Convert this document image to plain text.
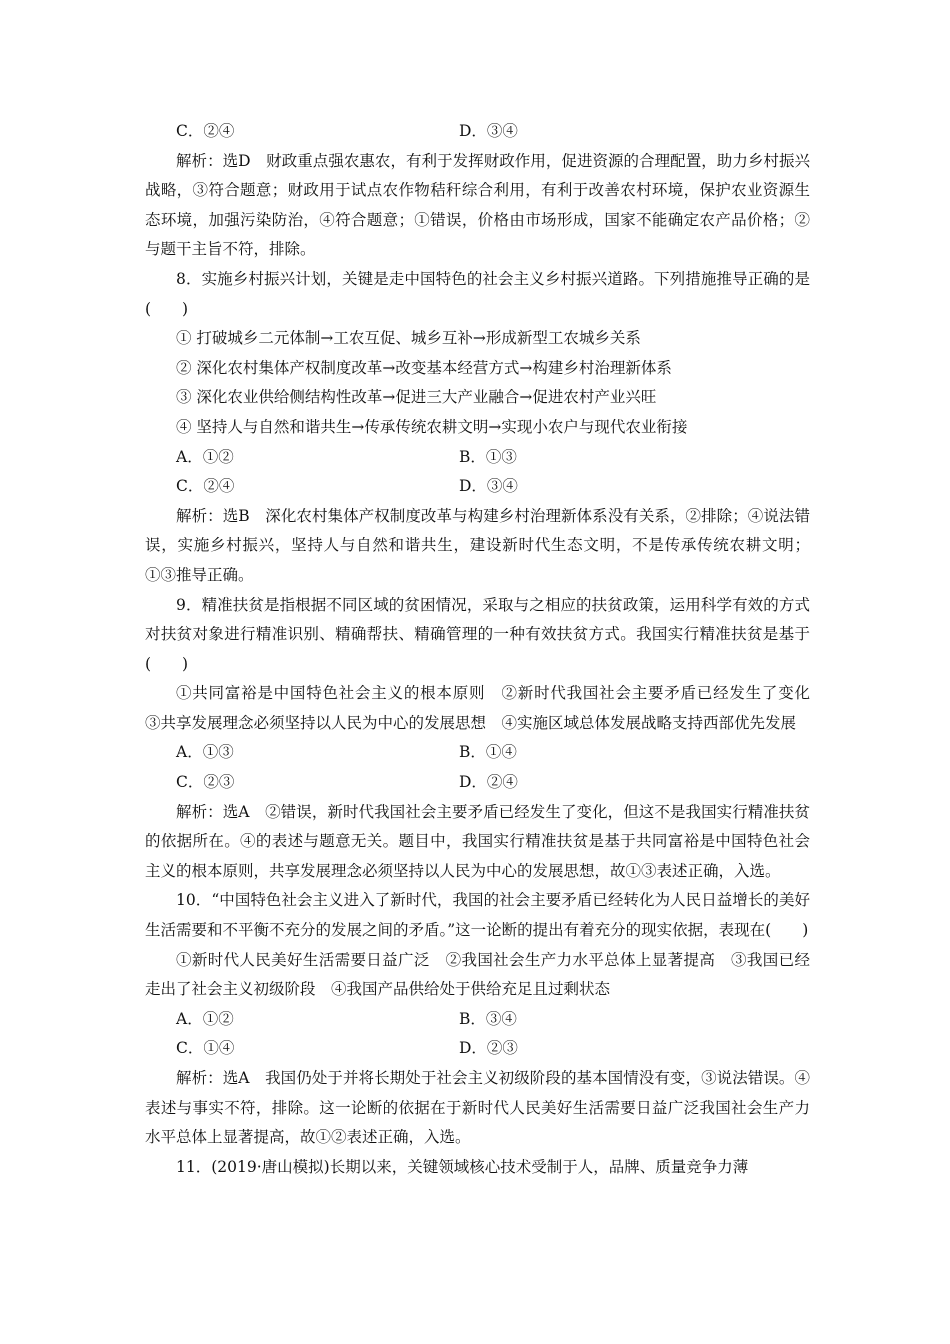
C．②④	D．③④

解析：选D　财政重点强农惠农，有利于发挥财政作用，促进资源的合理配置，助力乡村振兴战略，③符合题意；财政用于试点农作物秸秆综合利用，有利于改善农村环境，保护农业资源生态环境，加强污染防治，④符合题意；①错误，价格由市场形成，国家不能确定农产品价格；②与题干主旨不符，排除。

8．实施乡村振兴计划，关键是走中国特色的社会主义乡村振兴道路。下列措施推导正确的是(　　)

① 打破城乡二元体制→工农互促、城乡互补→形成新型工农城乡关系

② 深化农村集体产权制度改革→改变基本经营方式→构建乡村治理新体系

③ 深化农业供给侧结构性改革→促进三大产业融合→促进农村产业兴旺

④ 坚持人与自然和谐共生→传承传统农耕文明→实现小农户与现代农业衔接

A．①②	B．①③
C．②④	D．③④

解析：选B　深化农村集体产权制度改革与构建乡村治理新体系没有关系，②排除；④说法错误，实施乡村振兴，坚持人与自然和谐共生，建设新时代生态文明，不是传承传统农耕文明；①③推导正确。

9．精准扶贫是指根据不同区域的贫困情况，采取与之相应的扶贫政策，运用科学有效的方式对扶贫对象进行精准识别、精确帮扶、精确管理的一种有效扶贫方式。我国实行精准扶贫是基于(　　)

①共同富裕是中国特色社会主义的根本原则　②新时代我国社会主要矛盾已经发生了变化　③共享发展理念必须坚持以人民为中心的发展思想　④实施区域总体发展战略支持西部优先发展

A．①③	B．①④
C．②③	D．②④

解析：选A　②错误，新时代我国社会主要矛盾已经发生了变化，但这不是我国实行精准扶贫的依据所在。④的表述与题意无关。题目中，我国实行精准扶贫是基于共同富裕是中国特色社会主义的根本原则，共享发展理念必须坚持以人民为中心的发展思想，故①③表述正确，入选。

10．“中国特色社会主义进入了新时代，我国的社会主要矛盾已经转化为人民日益增长的美好生活需要和不平衡不充分的发展之间的矛盾。”这一论断的提出有着充分的现实依据，表现在(　　)

①新时代人民美好生活需要日益广泛　②我国社会生产力水平总体上显著提高　③我国已经走出了社会主义初级阶段　④我国产品供给处于供给充足且过剩状态

A．①②	B．③④
C．①④	D．②③

解析：选A　我国仍处于并将长期处于社会主义初级阶段的基本国情没有变，③说法错误。④表述与事实不符，排除。这一论断的依据在于新时代人民美好生活需要日益广泛我国社会生产力水平总体上显著提高，故①②表述正确，入选。

11．(2019·唐山模拟)长期以来，关键领域核心技术受制于人，品牌、质量竞争力薄
